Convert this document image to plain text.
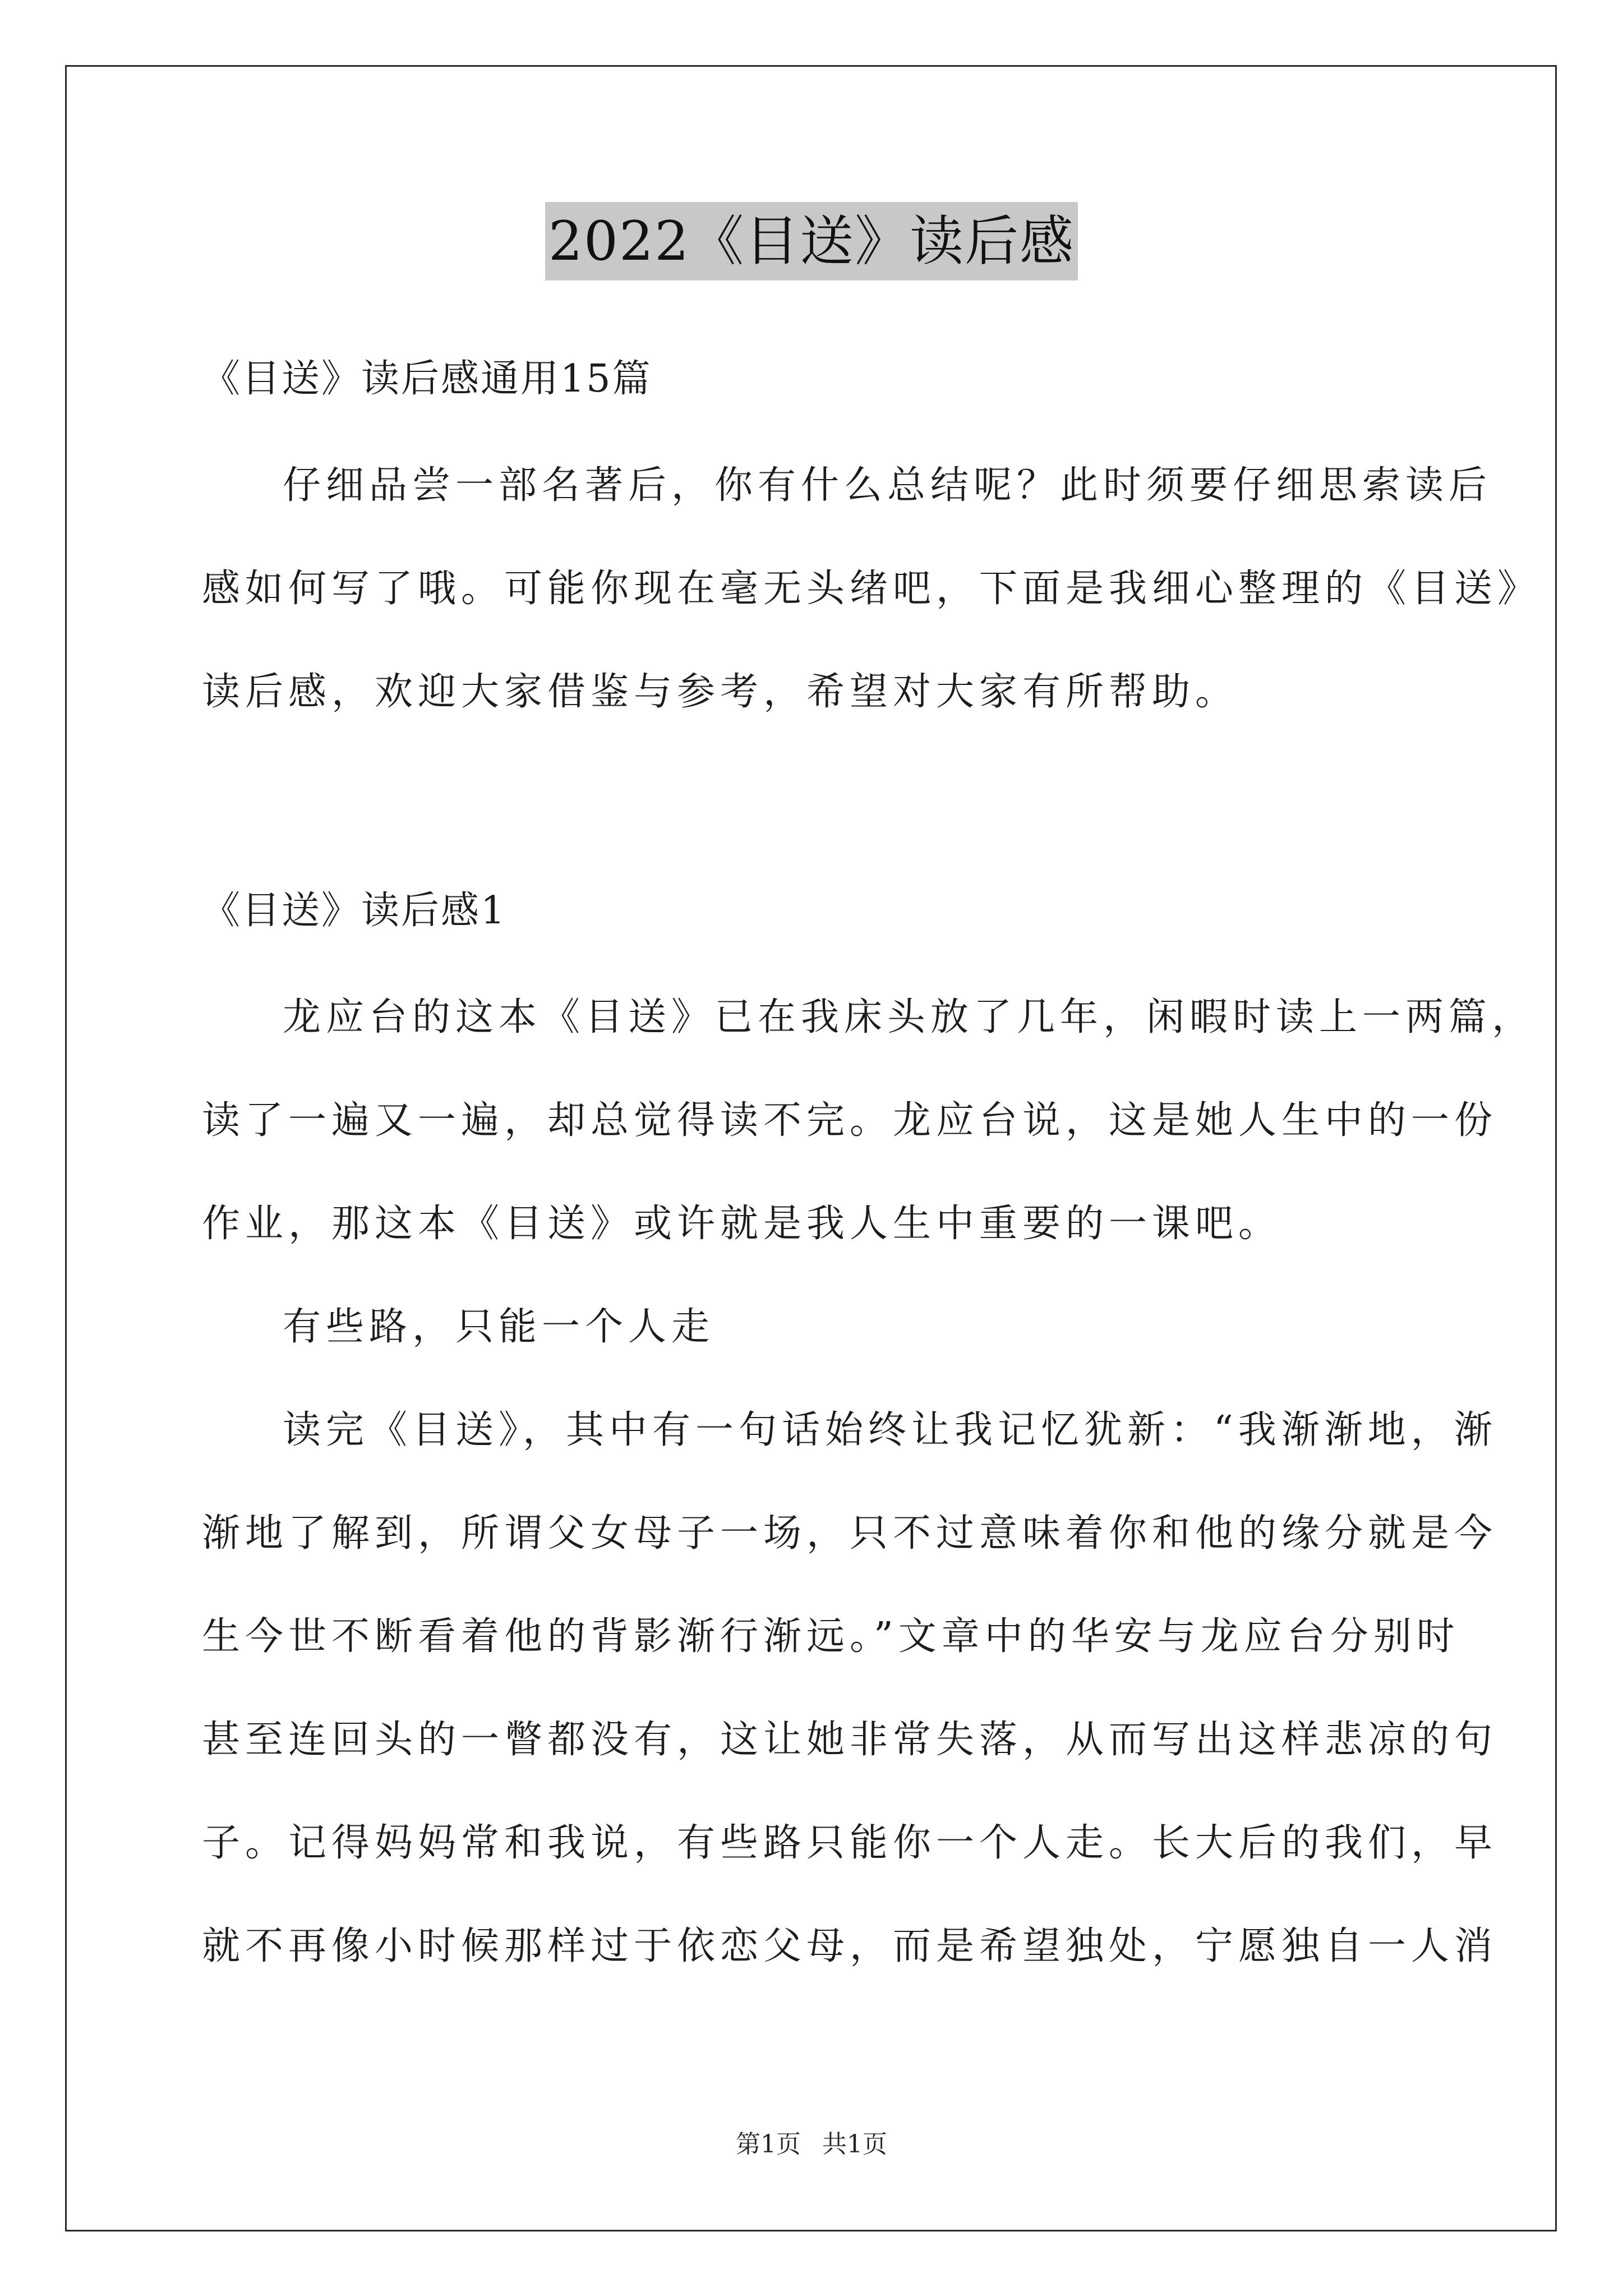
2022《目送》读后感
《目送》读后感通用15篇
仔细品尝一部名著后，你有什么总结呢？此时须要仔细思索读后
感如何写了哦。可能你现在毫无头绪吧，下面是我细心整理的《目送》
读后感，欢迎大家借鉴与参考，希望对大家有所帮助。
《目送》读后感1
龙应台的这本《目送》已在我床头放了几年，闲暇时读上一两篇，
读了一遍又一遍，却总觉得读不完。龙应台说，这是她人生中的一份
作业，那这本《目送》或许就是我人生中重要的一课吧。
有些路，只能一个人走
读完《目送》，其中有一句话始终让我记忆犹新：“我渐渐地，渐
渐地了解到，所谓父女母子一场，只不过意味着你和他的缘分就是今
生今世不断看着他的背影渐行渐远。”文章中的华安与龙应台分别时
甚至连回头的一瞥都没有，这让她非常失落，从而写出这样悲凉的句
子。记得妈妈常和我说，有些路只能你一个人走。长大后的我们，早
就不再像小时候那样过于依恋父母，而是希望独处，宁愿独自一人消
第1页 共1页
